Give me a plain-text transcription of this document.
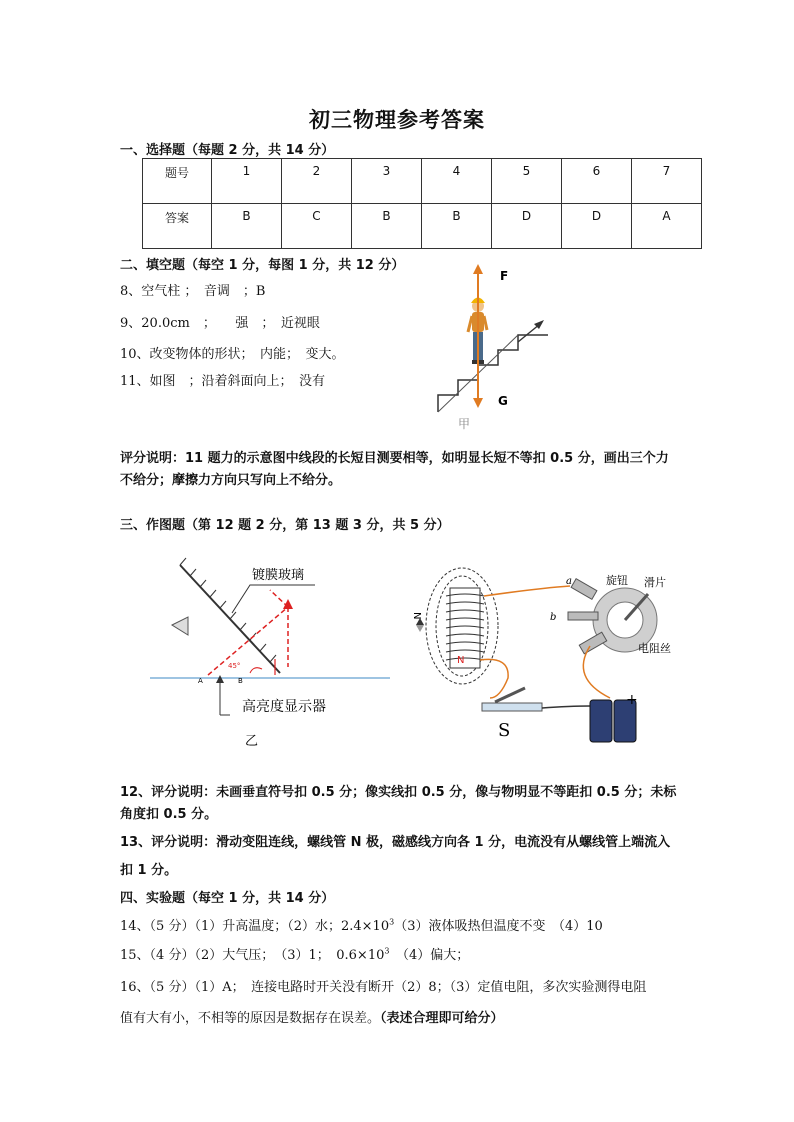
初三物理参考答案
一、选择题（每题 2 分，共 14 分）
题号	1	2	3	4	5	6	7
答案	B	C	B	B	D	D	A
二、填空题（每空 1 分，每图 1 分，共 12 分）
8、空气柱 ；　音调　；B
9、20.0cm　；　　强　；　近视眼
10、改变物体的形状；　内能；　变大。
11、如图　；沿着斜面向上；　没有
F
G
甲
评分说明：11 题力的示意图中线段的长短目测要相等，如明显长短不等扣 0.5 分，画出三个力不给分；摩擦力方向只写向上不给分。
三、作图题（第 12 题 2 分，第 13 题 3 分，共 5 分）
镀膜玻璃
45°
A	B
高亮度显示器
乙
N
N
a
b
旋钮 滑片
电阻丝
S
+
12、评分说明：未画垂直符号扣 0.5 分；像实线扣 0.5 分，像与物明显不等距扣 0.5 分；未标角度扣 0.5 分。
13、评分说明：滑动变阻连线，螺线管 N 极，磁感线方向各 1 分，电流没有从螺线管上端流入扣 1 分。
四、实验题（每空 1 分，共 14 分）
14、（5 分）（1）升高温度；（2）水；$2.4\times 10^3(3)$液体吸热但温度不变　（4）10
15、（4 分）（2）大气压；　（3）1；　$0.6\times 10^3$　（4）偏大；
16、（5 分）（1）A；　连接电路时开关没有断开（2）8；（3）定值电阻，多次实验测得电阻
值有大有小，不相等的原因是数据存在误差。（表述合理即可给分）
